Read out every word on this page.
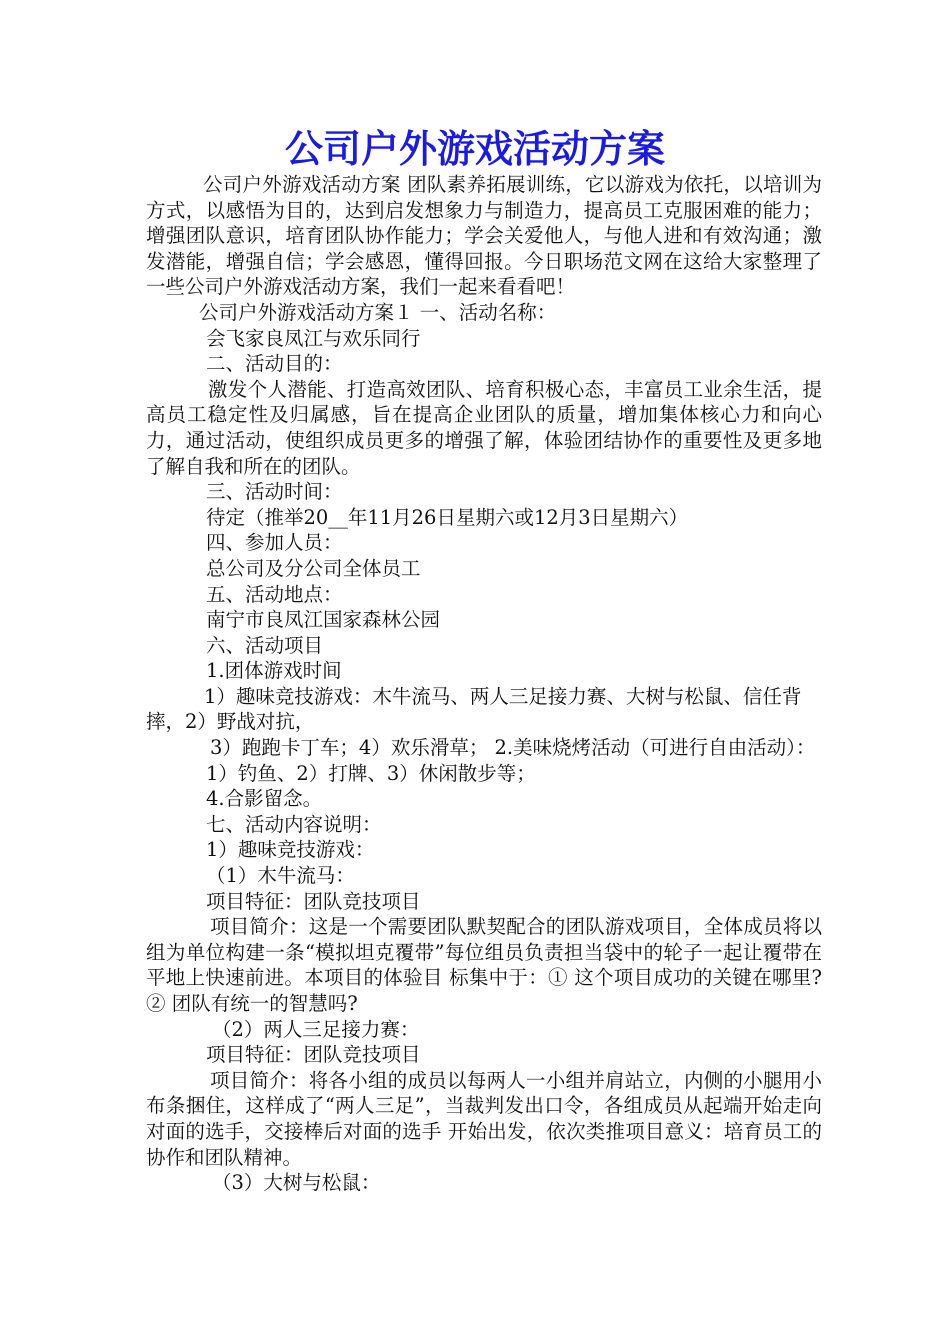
公司户外游戏活动方案

公司户外游戏活动方案 团队素养拓展训练，它以游戏为依托，以培训为方式，以感悟为目的，达到启发想象力与制造力，提高员工克服困难的能力；增强团队意识，培育团队协作能力；学会关爱他人，与他人进和有效沟通；激发潜能，增强自信；学会感恩，懂得回报。今日职场范文网在这给大家整理了一些公司户外游戏活动方案，我们一起来看看吧！

公司户外游戏活动方案１ 一、活动名称：

会飞家良凤江与欢乐同行

二、活动目的：

激发个人潜能、打造高效团队、培育积极心态，丰富员工业余生活，提高员工稳定性及归属感，旨在提高企业团队的质量，增加集体核心力和向心力，通过活动，使组织成员更多的增强了解，体验团结协作的重要性及更多地了解自我和所在的团队。

三、活动时间：

待定（推举20__年11月26日星期六或12月3日星期六）

四、参加人员：

总公司及分公司全体员工

五、活动地点：

南宁市良凤江国家森林公园

六、活动项目

1.团体游戏时间

1）趣味竞技游戏：木牛流马、两人三足接力赛、大树与松鼠、信任背摔，2）野战对抗，

3）跑跑卡丁车；4）欢乐滑草； 2.美味烧烤活动（可进行自由活动）：

1）钓鱼、2）打牌、3）休闲散步等；

4.合影留念。

七、活动内容说明：

1）趣味竞技游戏：

（1）木牛流马：

项目特征：团队竞技项目

项目简介：这是一个需要团队默契配合的团队游戏项目，全体成员将以组为单位构建一条“模拟坦克覆带”每位组员负责担当袋中的轮子一起让覆带在平地上快速前进。本项目的体验目 标集中于：① 这个项目成功的关键在哪里?② 团队有统一的智慧吗?

（2）两人三足接力赛：

项目特征：团队竞技项目

项目简介：将各小组的成员以每两人一小组并肩站立，内侧的小腿用小布条捆住，这样成了“两人三足”，当裁判发出口令，各组成员从起端开始走向对面的选手，交接棒后对面的选手 开始出发，依次类推项目意义：培育员工的协作和团队精神。

（3）大树与松鼠：
